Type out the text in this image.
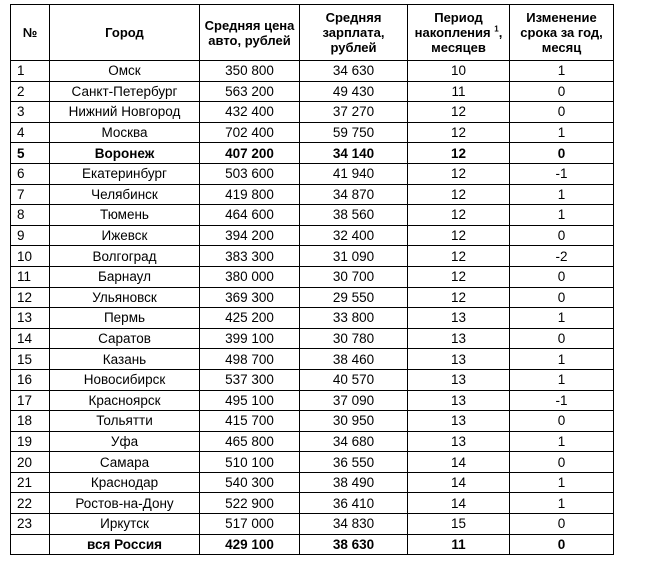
№	Город	Средняя цена авто, рублей	Средняя зарплата, рублей	Период накопления $^1$, месяцев	Изменение срока за год, месяц
1	Омск	350 800	34 630	10	1
2	Санкт-Петербург	563 200	49 430	11	0
3	Нижний Новгород	432 400	37 270	12	0
4	Москва	702 400	59 750	12	1
5	Воронеж	407 200	34 140	12	0
6	Екатеринбург	503 600	41 940	12	-1
7	Челябинск	419 800	34 870	12	1
8	Тюмень	464 600	38 560	12	1
9	Ижевск	394 200	32 400	12	0
10	Волгоград	383 300	31 090	12	-2
11	Барнаул	380 000	30 700	12	0
12	Ульяновск	369 300	29 550	12	0
13	Пермь	425 200	33 800	13	1
14	Саратов	399 100	30 780	13	0
15	Казань	498 700	38 460	13	1
16	Новосибирск	537 300	40 570	13	1
17	Красноярск	495 100	37 090	13	-1
18	Тольятти	415 700	30 950	13	0
19	Уфа	465 800	34 680	13	1
20	Самара	510 100	36 550	14	0
21	Краснодар	540 300	38 490	14	1
22	Ростов-на-Дону	522 900	36 410	14	1
23	Иркутск	517 000	34 830	15	0
	вся Россия	429 100	38 630	11	0
